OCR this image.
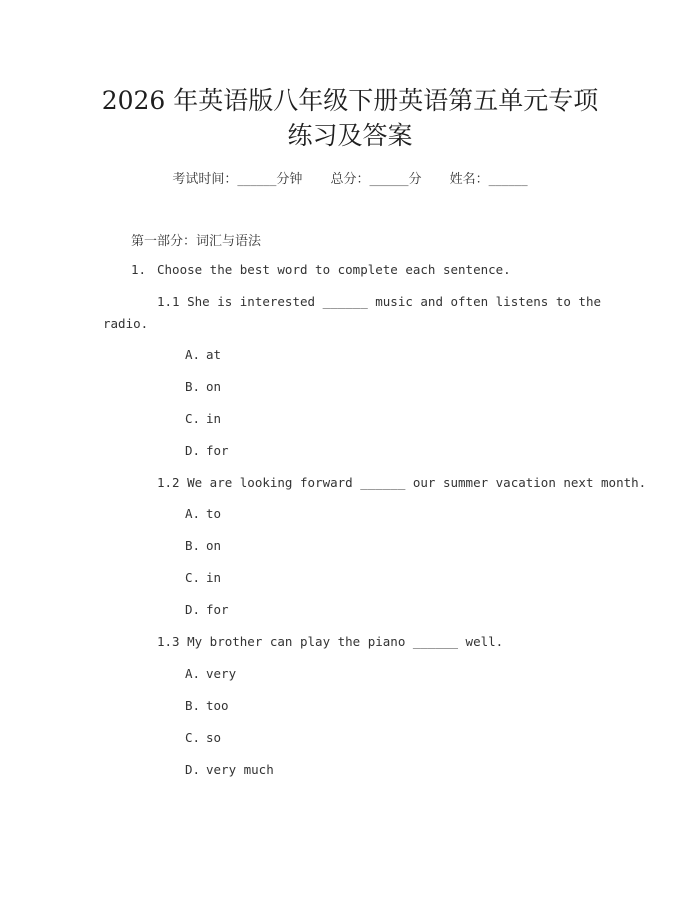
2026 年英语版八年级下册英语第五单元专项
练习及答案
考试时间：______分钟 总分：______分 姓名：______
第一部分：词汇与语法
1. Choose the best word to complete each sentence.
1.1 She is interested ______ music and often listens to the
radio.
A. at
B. on
C. in
D. for
1.2 We are looking forward ______ our summer vacation next month.
A. to
B. on
C. in
D. for
1.3 My brother can play the piano ______ well.
A. very
B. too
C. so
D. very much
